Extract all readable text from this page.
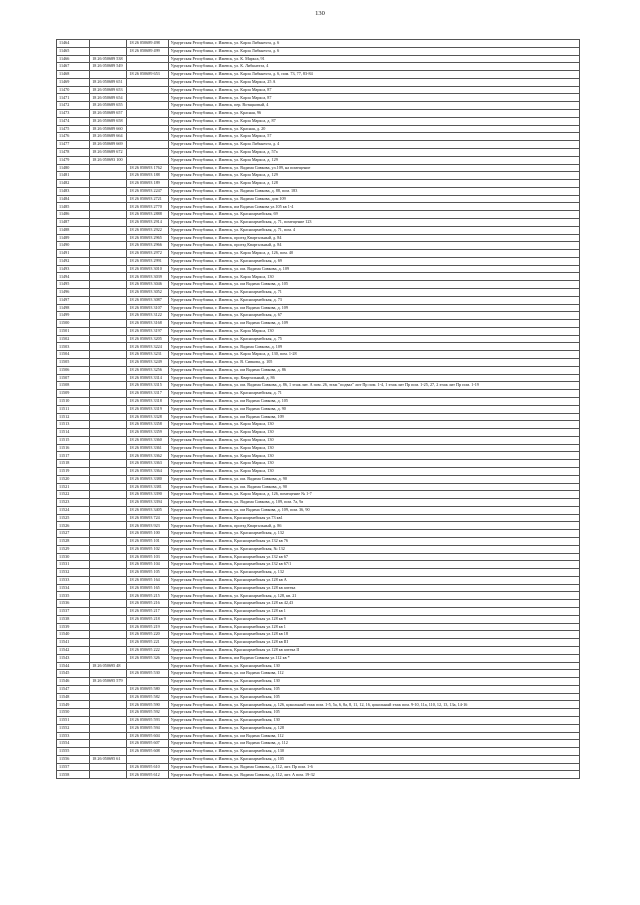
130
11464		18 26 050689 498	Удмуртская Республика, г. Ижевск, ул. Карла Либкнехта, д. 6
11465		18 26 050689 499	Удмуртская Республика, г. Ижевск, ул. Карла Либкнехта, д. 6
11466	18 26 050689 538		Удмуртская Республика, г. Ижевск, ул. К. Маркса, 91
11467	18 26 050689 549		Удмуртская Республика, г. Ижевск, ул. К. Либкнехта, 4
11468		18 26 050689 653	Удмуртская Республика, г. Ижевск, ул. Карла Либкнехта, д. 6, пом. 73, 77, 83-84
11469	18 26 050689 651		Удмуртская Республика, г. Ижевск, ул. Карла Маркса, 25 А
11470	18 26 050689 653		Удмуртская Республика, г. Ижевск, ул. Карла Маркса, 87
11471	18 26 050689 654		Удмуртская Республика, г. Ижевск, ул. Карла Маркса, 87
11472	18 26 050689 655		Удмуртская Республика, г. Ижевск, пер. Вотяцковый, 4
11473	18 26 050689 657		Удмуртская Республика, г. Ижевск, ул. Красная, 96
11474	18 26 050689 658		Удмуртская Республика, г. Ижевск, ул. Карла Маркса, д. 87
11475	18 26 050689 660		Удмуртская Республика, г. Ижевск, ул. Красная, д. 20
11476	18 26 050689 664		Удмуртская Республика, г. Ижевск, ул. Карла Маркса, 57
11477	18 26 050689 669		Удмуртская Республика, г. Ижевск, ул. Карла Либкнехта, д. 4
11478	18 26 050689 672		Удмуртская Республика, г. Ижевск, ул. Карла Маркса, д. 57а
11479	18 26 050693 100		Удмуртская Республика, г. Ижевск, ул. Карла Маркса, д. 129
11480		18 26 050693 1762	Удмуртская Республика, г. Ижевск, ул. Вадима Сивкова, ул.109, на помещение
11481		18 26 050693 188	Удмуртская Республика, г. Ижевск, ул. Карла Маркса, д. 129
11482		18 26 050693 189	Удмуртская Республика, г. Ижевск, ул. Карла Маркса, д. 128
11483		18 26 050693 2247	Удмуртская Республика, г. Ижевск, ул. Вадима Сивкова, д. 88, пом. 183
11484		18 26 050693 2721	Удмуртская Республика, г. Ижевск, ул. Вадима Сивкова, дом 109
11485		18 26 050693 2770	Удмуртская Республика, г. Ижевск, им Вадима Сивкова ул.105 кв 1-4
11486		18 26 050693 2888	Удмуртская Республика, г. Ижевск, ул. Красноармейская, 69
11487		18 26 050693 2914	Удмуртская Республика, г. Ижевск, ул. Красноармейская, д. 71, помещение 123
11488		18 26 050693 2922	Удмуртская Республика, г. Ижевск, ул. Красноармейская, д. 71, пом. 4
11489		18 26 050693 2965	Удмуртская Республика, г. Ижевск, проезд Квартальный, д. 84
11490		18 26 050693 2966	Удмуртская Республика, г. Ижевск, проезд Квартальный, д. 84
11491		18 26 050693 2972	Удмуртская Республика, г. Ижевск, ул. Карла Маркса, д. 126, пом. 40
11492		18 26 050693 2991	Удмуртская Республика, г. Ижевск, ул. Красноармейская, д. 69
11493		18 26 050693 3010	Удмуртская Республика, г. Ижевск, ул. им. Вадима Сивкова, д. 109
11494		18 26 050693 3039	Удмуртская Республика, г. Ижевск, ул. Карла Маркса, 130
11495		18 26 050693 3046	Удмуртская Республика, г. Ижевск, ул. им Вадима Сивкова, д. 105
11496		18 26 050693 3052	Удмуртская Республика, г. Ижевск, ул. Красноармейская, д. 71
11497		18 26 050693 3087	Удмуртская Республика, г. Ижевск, ул. Красноармейская, д. 73
11498		18 26 050693 3107	Удмуртская Республика, г. Ижевск, ул. им Вадима Сивкова, д. 109
11499		18 26 050693 3122	Удмуртская Республика, г. Ижевск, ул. Красноармейская, д. 67
11500		18 26 050693 3168	Удмуртская Республика, г. Ижевск, ул. им Вадима Сивкова, д. 109
11501		18 26 050693 3197	Удмуртская Республика, г. Ижевск, ул. Карла Маркса, 130
11502		18 26 050693 3205	Удмуртская Республика, г. Ижевск, ул. Красноармейская, д. 75
11503		18 26 050693 3224	Удмуртская Республика, г. Ижевск, ул. Вадима Сивкова, д. 109
11504		18 26 050693 3231	Удмуртская Республика, г. Ижевск, ул. Карла Маркса, д. 130, пом. 1-28
11505		18 26 050693 3249	Удмуртская Республика, г. Ижевск, ул. В. Сивкова, д. 105
11506		18 26 050693 3256	Удмуртская Республика, г. Ижевск, ул. им Вадима Сивкова, д. 86
11507		18 26 050693 3314	Удмуртская Республика, г. Ижевск, пр. Квартальный, д. 86
11508		18 26 050693 3315	Удмуртская Республика, г. Ижевск, ул. им. Вадима Сивкова, д. 86, 1 этаж лит. А пом. 26, этаж "подвал" лит Пр пом. 1-4, 1 этаж лит Пр пом. 1-25, 27, 2 этаж лит Пр пом. 1-19
11509		18 26 050693 3317	Удмуртская Республика, г. Ижевск, ул. Красноармейская, д. 71
11510		18 26 050693 3318	Удмуртская Республика, г. Ижевск, ул. им Вадима Сивкова, д. 105
11511		18 26 050693 3319	Удмуртская Республика, г. Ижевск, ул. им Вадима Сивкова, д. 90
11512		18 26 050693 3328	Удмуртская Республика, г. Ижевск, ул. им Вадима Сивкова, 109
11513		18 26 050693 3358	Удмуртская Республика, г. Ижевск, ул. Карла Маркса, 130
11514		18 26 050693 3359	Удмуртская Республика, г. Ижевск, ул. Карла Маркса, 130
11515		18 26 050693 3360	Удмуртская Республика, г. Ижевск, ул. Карла Маркса, 130
11516		18 26 050693 3361	Удмуртская Республика, г. Ижевск, ул. Карла Маркса, 130
11517		18 26 050693 3362	Удмуртская Республика, г. Ижевск, ул. Карла Маркса, 130
11518		18 26 050693 3363	Удмуртская Республика, г. Ижевск, ул. Карла Маркса, 130
11519		18 26 050693 3364	Удмуртская Республика, г. Ижевск, ул. Карла Маркса, 130
11520		18 26 050693 3380	Удмуртская Республика, г. Ижевск, ул. им. Вадима Сивкова, д. 90
11521		18 26 050693 3381	Удмуртская Республика, г. Ижевск, ул. им. Вадима Сивкова, д. 90
11522		18 26 050693 3390	Удмуртская Республика, г. Ижевск, ул. Карла Маркса, д. 126, помещение № 1-7
11523		18 26 050693 3394	Удмуртская Республика, г. Ижевск, ул. Вадима Сивкова, д. 109, пом. 7а, 9а
11524		18 26 050693 3405	Удмуртская Республика, г. Ижевск, ул. им Вадима Сивкова, д. 109, пом. 36, 90
11525		18 26 050693 724	Удмуртская Республика, г. Ижевск, Красноармейская ул.73 кв1
11526		18 26 050693 923	Удмуртская Республика, г. Ижевск, проезд Квартальный, д. 86
11527		18 26 050695 100	Удмуртская Республика, г. Ижевск, ул. Красноармейская, д. 132
11528		18 26 050695 101	Удмуртская Республика, г. Ижевск, Красноармейская ул.132 кв 76
11529		18 26 050695 102	Удмуртская Республика, г. Ижевск, ул. Красноармейская, № 132
11530		18 26 050695 103	Удмуртская Республика, г. Ижевск, Красноармейская ул.132 кв 67
11531		18 26 050695 104	Удмуртская Республика, г. Ижевск, Красноармейская ул.132 кв 67/1
11532		18 26 050695 105	Удмуртская Республика, г. Ижевск, ул. Красноармейская, д. 132
11533		18 26 050695 164	Удмуртская Республика, г. Ижевск, Красноармейская ул.128 кв А
11534		18 26 050695 165	Удмуртская Республика, г. Ижевск, Красноармейская ул.128 кв аптека
11535		18 26 050695 215	Удмуртская Республика, г. Ижевск, ул. Красноармейская, д. 128, кв. 21
11536		18 26 050695 216	Удмуртская Республика, г. Ижевск, Красноармейская ул.128 кв 42,43
11537		18 26 050695 217	Удмуртская Республика, г. Ижевск, Красноармейская ул.128 кв 1
11538		18 26 050695 218	Удмуртская Республика, г. Ижевск, Красноармейская ул.128 кв 9
11539		18 26 050695 219	Удмуртская Республика, г. Ижевск, Красноармейская ул.128 кв 1
11540		18 26 050695 220	Удмуртская Республика, г. Ижевск, Красноармейская ул.128 кв 18
11541		18 26 050695 221	Удмуртская Республика, г. Ижевск, Красноармейская ул.128 кв III
11542		18 26 050695 222	Удмуртская Республика, г. Ижевск, Красноармейская ул.128 кв аптека II
11543		18 26 050695 326	Удмуртская Республика, г. Ижевск, им Вадима Сивкова ул.112 кв *
11544	18 26 050695 48		Удмуртская Республика, г. Ижевск, ул. Красноармейская, 130
11545		18 26 050695 530	Удмуртская Республика, г. Ижевск, ул. им Вадима Сивкова, 112
11546	18 26 050695 579		Удмуртская Республика, г. Ижевск, ул. Красноармейская, 130
11547		18 26 050695 580	Удмуртская Республика, г. Ижевск, ул. Красноармейская, 105
11548		18 26 050695 582	Удмуртская Республика, г. Ижевск, ул. Красноармейская, 105
11549		18 26 050695 590	Удмуртская Республика, г. Ижевск, ул. Красноармейская, д. 126, цокольный этаж пом. 1-5, 5а, 6, 8а, 8, 11, 12, 16, цокольный этаж пом. 9-10, 11а, 110, 12, 13, 13а, 14-16
11550		18 26 050695 592	Удмуртская Республика, г. Ижевск, ул. Красноармейская, 105
11551		18 26 050695 593	Удмуртская Республика, г. Ижевск, ул. Красноармейская, 130
11552		18 26 050695 594	Удмуртская Республика, г. Ижевск, ул. Красноармейская, д. 128
11553		18 26 050695 604	Удмуртская Республика, г. Ижевск, ул. им Вадима Сивкова, 112
11554		18 26 050695 607	Удмуртская Республика, г. Ижевск, ул. им Вадима Сивкова, д. 112
11555		18 26 050695 608	Удмуртская Республика, г. Ижевск, ул. Красноармейская, д. 130
11556	18 26 050695 61		Удмуртская Республика, г. Ижевск, ул. Красноармейская, д. 105
11557		18 26 050695 610	Удмуртская Республика, г. Ижевск, ул. Вадима Сивкова, д. 112, лит. Пр пом. 1-6
11558		18 26 050695 612	Удмуртская Республика, г. Ижевск, ул. Вадима Сивкова, д. 112, лит. А пом. 19-32
